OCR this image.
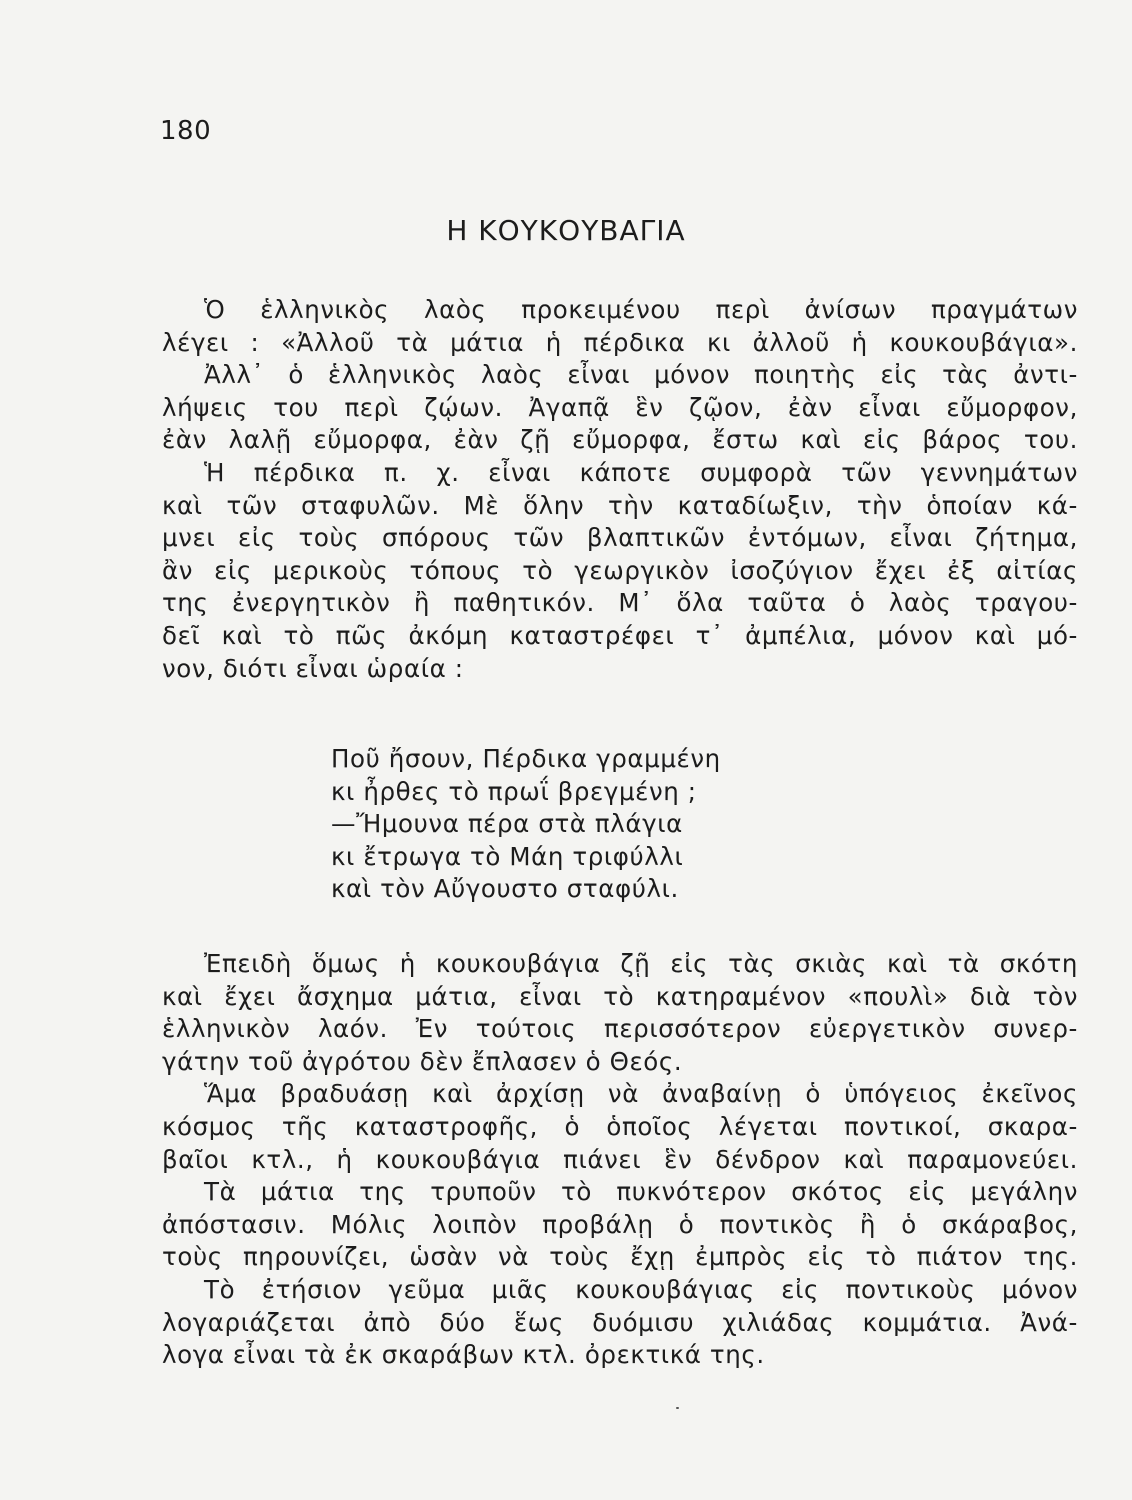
180
Η ΚΟΥΚΟΥΒΑΓΙΑ
Ὁ ἑλληνικὸς λαὸς προκειμένου περὶ ἀνίσων πραγμάτων
λέγει : «Ἀλλοῦ τὰ μάτια ἡ πέρδικα κι ἀλλοῦ ἡ κουκουβάγια».
Ἀλλ᾽ ὁ ἑλληνικὸς λαὸς εἶναι μόνον ποιητὴς εἰς τὰς ἀντι-
λήψεις του περὶ ζῴων. Ἀγαπᾷ ἓν ζῷον, ἐὰν εἶναι εὔμορφον,
ἐὰν λαλῇ εὔμορφα, ἐὰν ζῇ εὔμορφα, ἔστω καὶ εἰς βάρος του.
Ἡ πέρδικα π. χ. εἶναι κάποτε συμφορὰ τῶν γεννημάτων
καὶ τῶν σταφυλῶν. Μὲ ὅλην τὴν καταδίωξιν, τὴν ὁποίαν κά-
μνει εἰς τοὺς σπόρους τῶν βλαπτικῶν ἐντόμων, εἶναι ζήτημα,
ἂν εἰς μερικοὺς τόπους τὸ γεωργικὸν ἰσοζύγιον ἔχει ἐξ αἰτίας
της ἐνεργητικὸν ἢ παθητικόν. Μ᾽ ὅλα ταῦτα ὁ λαὸς τραγου-
δεῖ καὶ τὸ πῶς ἀκόμη καταστρέφει τ᾽ ἀμπέλια, μόνον καὶ μό-
νον, διότι εἶναι ὡραία :
Ποῦ ἤσουν, Πέρδικα γραμμένη
κι ἦρθες τὸ πρωΐ βρεγμένη ;
—Ἤμουνα πέρα στὰ πλάγια
κι ἔτρωγα τὸ Μάη τριφύλλι
καὶ τὸν Αὔγουστο σταφύλι.
Ἐπειδὴ ὅμως ἡ κουκουβάγια ζῇ εἰς τὰς σκιὰς καὶ τὰ σκότη
καὶ ἔχει ἄσχημα μάτια, εἶναι τὸ κατηραμένον «πουλὶ» διὰ τὸν
ἑλληνικὸν λαόν. Ἐν τούτοις περισσότερον εὐεργετικὸν συνερ-
γάτην τοῦ ἀγρότου δὲν ἔπλασεν ὁ Θεός.
Ἅμα βραδυάσῃ καὶ ἀρχίσῃ νὰ ἀναβαίνῃ ὁ ὑπόγειος ἐκεῖνος
κόσμος τῆς καταστροφῆς, ὁ ὁποῖος λέγεται ποντικοί, σκαρα-
βαῖοι κτλ., ἡ κουκουβάγια πιάνει ἓν δένδρον καὶ παραμονεύει.
Τὰ μάτια της τρυποῦν τὸ πυκνότερον σκότος εἰς μεγάλην
ἀπόστασιν. Μόλις λοιπὸν προβάλῃ ὁ ποντικὸς ἢ ὁ σκάραβος,
τοὺς πηρουνίζει, ὡσὰν νὰ τοὺς ἔχῃ ἐμπρὸς εἰς τὸ πιάτον της.
Τὸ ἐτήσιον γεῦμα μιᾶς κουκουβάγιας εἰς ποντικοὺς μόνον
λογαριάζεται ἀπὸ δύο ἕως δυόμισυ χιλιάδας κομμάτια. Ἀνά-
λογα εἶναι τὰ ἐκ σκαράβων κτλ. ὀρεκτικά της.
